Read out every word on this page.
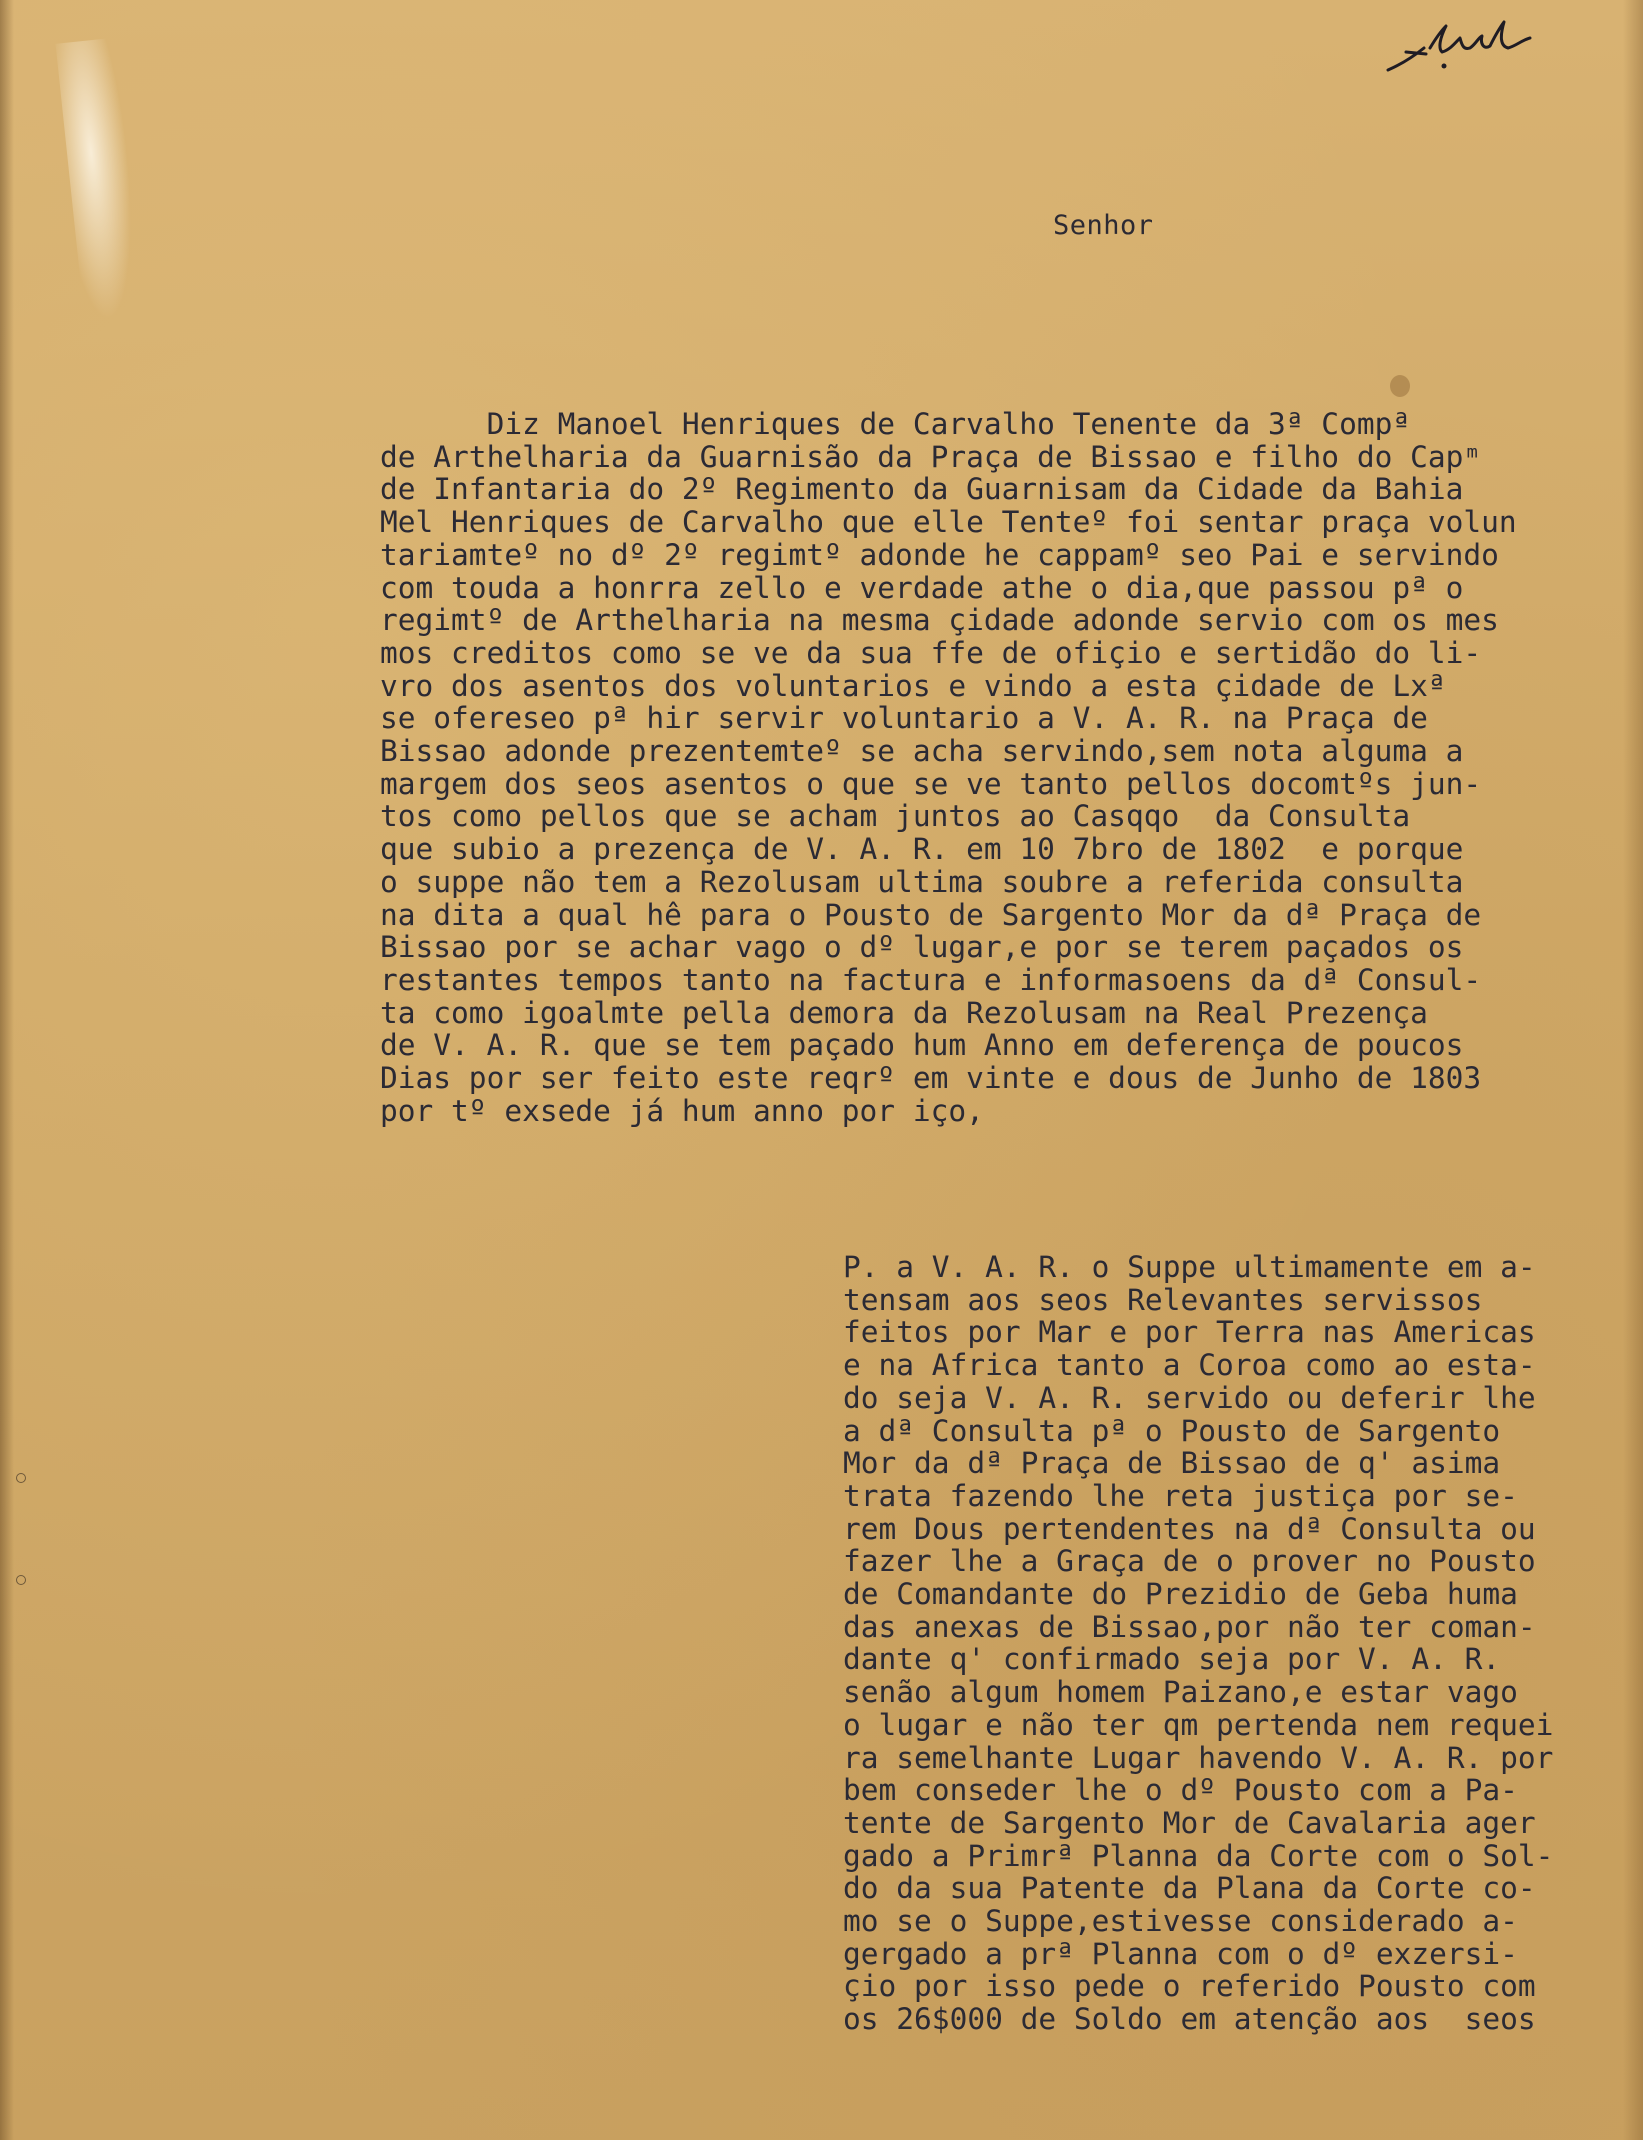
Senhor
Diz Manoel Henriques de Carvalho Tenente da 3ª Compª
de Arthelharia da Guarnisão da Praça de Bissao e filho do Capᵐ
de Infantaria do 2º Regimento da Guarnisam da Cidade da Bahia
Mel Henriques de Carvalho que elle Tenteº foi sentar praça volun
tariamteº no dº 2º regimtº adonde he cappamº seo Pai e servindo
com touda a honrra zello e verdade athe o dia,que passou pª o
regimtº de Arthelharia na mesma çidade adonde servio com os mes
mos creditos como se ve da sua ffe de ofiçio e sertidão do li-
vro dos asentos dos voluntarios e vindo a esta çidade de Lxª
se ofereseo pª hir servir voluntario a V. A. R. na Praça de
Bissao adonde prezentemteº se acha servindo,sem nota alguma a
margem dos seos asentos o que se ve tanto pellos docomtºs jun-
tos como pellos que se acham juntos ao Casqqo  da Consulta
que subio a prezença de V. A. R. em 10 7bro de 1802  e porque
o suppe não tem a Rezolusam ultima soubre a referida consulta
na dita a qual hê para o Pousto de Sargento Mor da dª Praça de
Bissao por se achar vago o dº lugar,e por se terem paçados os
restantes tempos tanto na factura e informasoens da dª Consul-
ta como igoalmte pella demora da Rezolusam na Real Prezença
de V. A. R. que se tem paçado hum Anno em deferença de poucos
Dias por ser feito este reqrº em vinte e dous de Junho de 1803
por tº exsede já hum anno por iço,
P. a V. A. R. o Suppe ultimamente em a-
tensam aos seos Relevantes servissos
feitos por Mar e por Terra nas Americas
e na Africa tanto a Coroa como ao esta-
do seja V. A. R. servido ou deferir lhe
a dª Consulta pª o Pousto de Sargento
Mor da dª Praça de Bissao de q' asima
trata fazendo lhe reta justiça por se-
rem Dous pertendentes na dª Consulta ou
fazer lhe a Graça de o prover no Pousto
de Comandante do Prezidio de Geba huma
das anexas de Bissao,por não ter coman-
dante q' confirmado seja por V. A. R.
senão algum homem Paizano,e estar vago
o lugar e não ter qm pertenda nem requei
ra semelhante Lugar havendo V. A. R. por
bem conseder lhe o dº Pousto com a Pa-
tente de Sargento Mor de Cavalaria ager
gado a Primrª Planna da Corte com o Sol-
do da sua Patente da Plana da Corte co-
mo se o Suppe,estivesse considerado a-
gergado a prª Planna com o dº exzersi-
çio por isso pede o referido Pousto com
os 26$000 de Soldo em atenção aos  seos
